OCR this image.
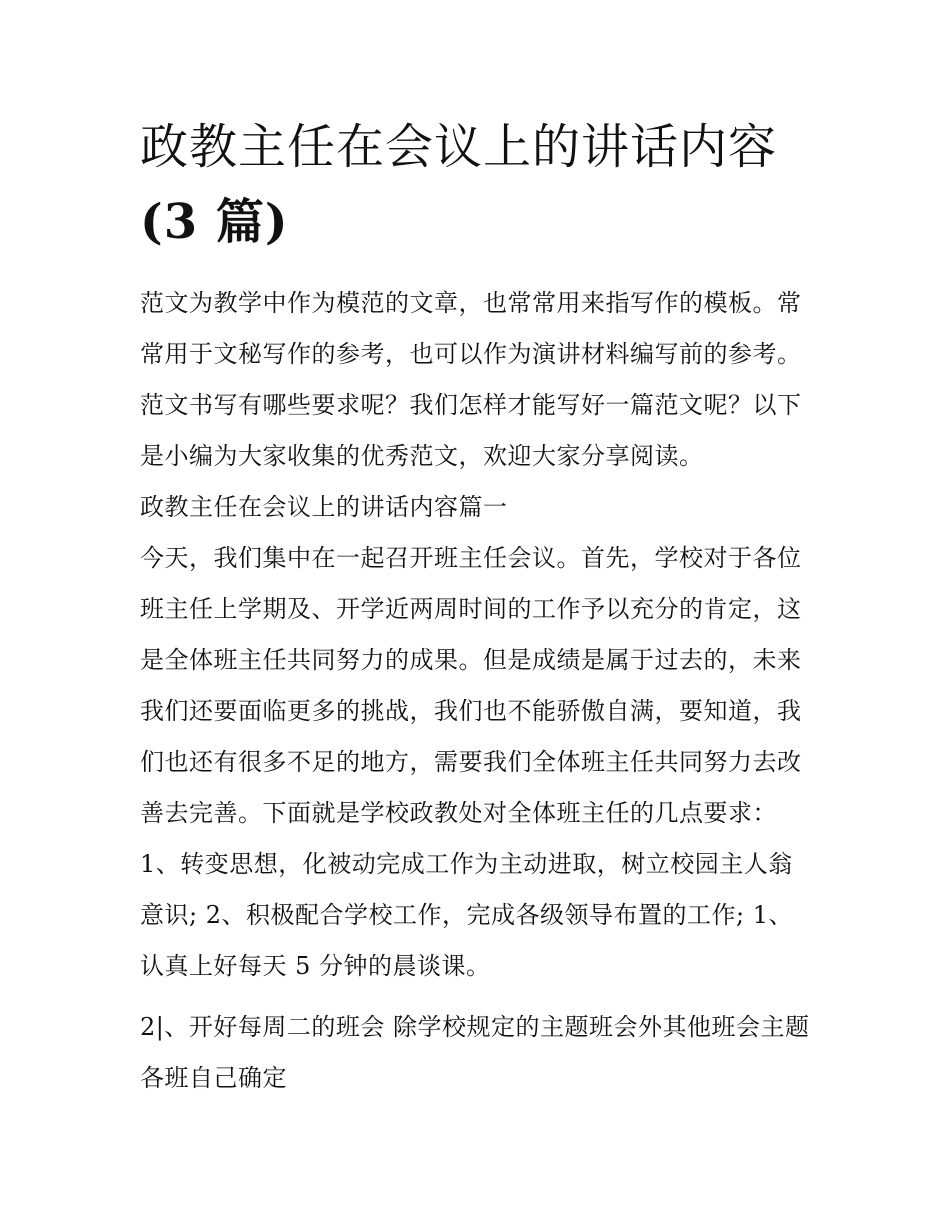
政教主任在会议上的讲话内容
(3 篇)

范文为教学中作为模范的文章，也常常用来指写作的模板。常常用于文秘写作的参考，也可以作为演讲材料编写前的参考。范文书写有哪些要求呢？我们怎样才能写好一篇范文呢？以下是小编为大家收集的优秀范文，欢迎大家分享阅读。

政教主任在会议上的讲话内容篇一

今天，我们集中在一起召开班主任会议。首先，学校对于各位班主任上学期及、开学近两周时间的工作予以充分的肯定，这是全体班主任共同努力的成果。但是成绩是属于过去的，未来我们还要面临更多的挑战，我们也不能骄傲自满，要知道，我们也还有很多不足的地方，需要我们全体班主任共同努力去改善去完善。下面就是学校政教处对全体班主任的几点要求：

1、转变思想，化被动完成工作为主动进取，树立校园主人翁意识; 2、积极配合学校工作，完成各级领导布置的工作; 1、认真上好每天 5 分钟的晨谈课。

2|、开好每周二的班会 除学校规定的主题班会外其他班会主题各班自己确定
